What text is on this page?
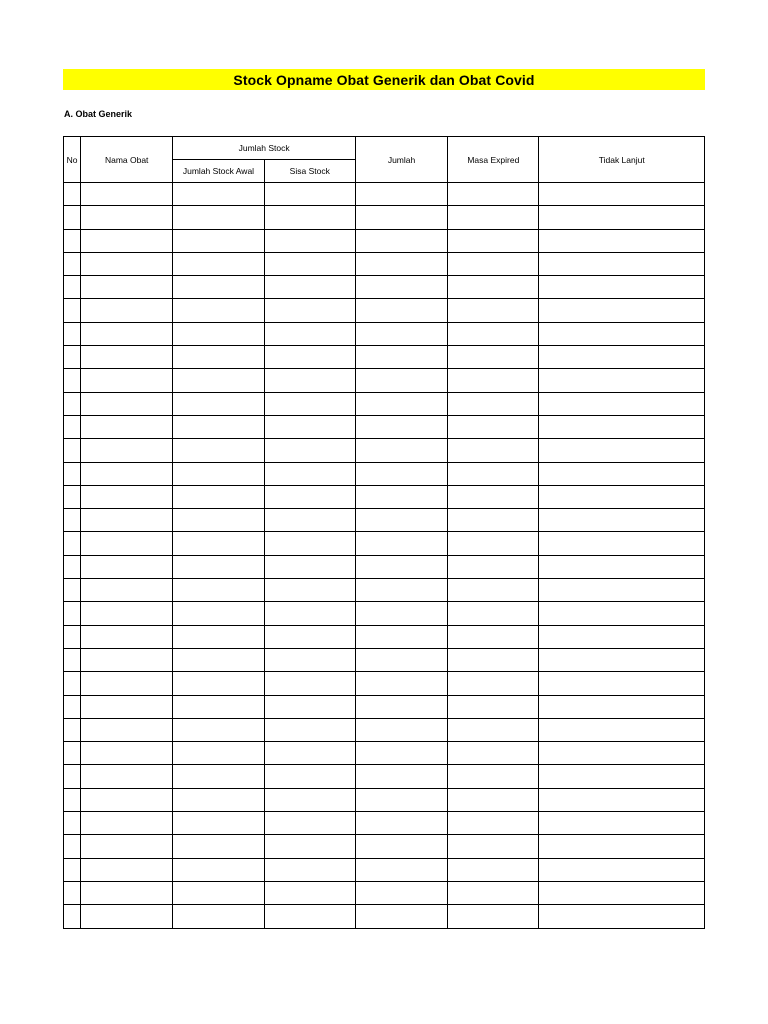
Stock Opname Obat Generik dan Obat Covid
A. Obat Generik
No	Nama Obat	Jumlah Stock		Jumlah	Masa Expired	Tidak Lanjut
		Jumlah Stock Awal	Sisa Stock			
